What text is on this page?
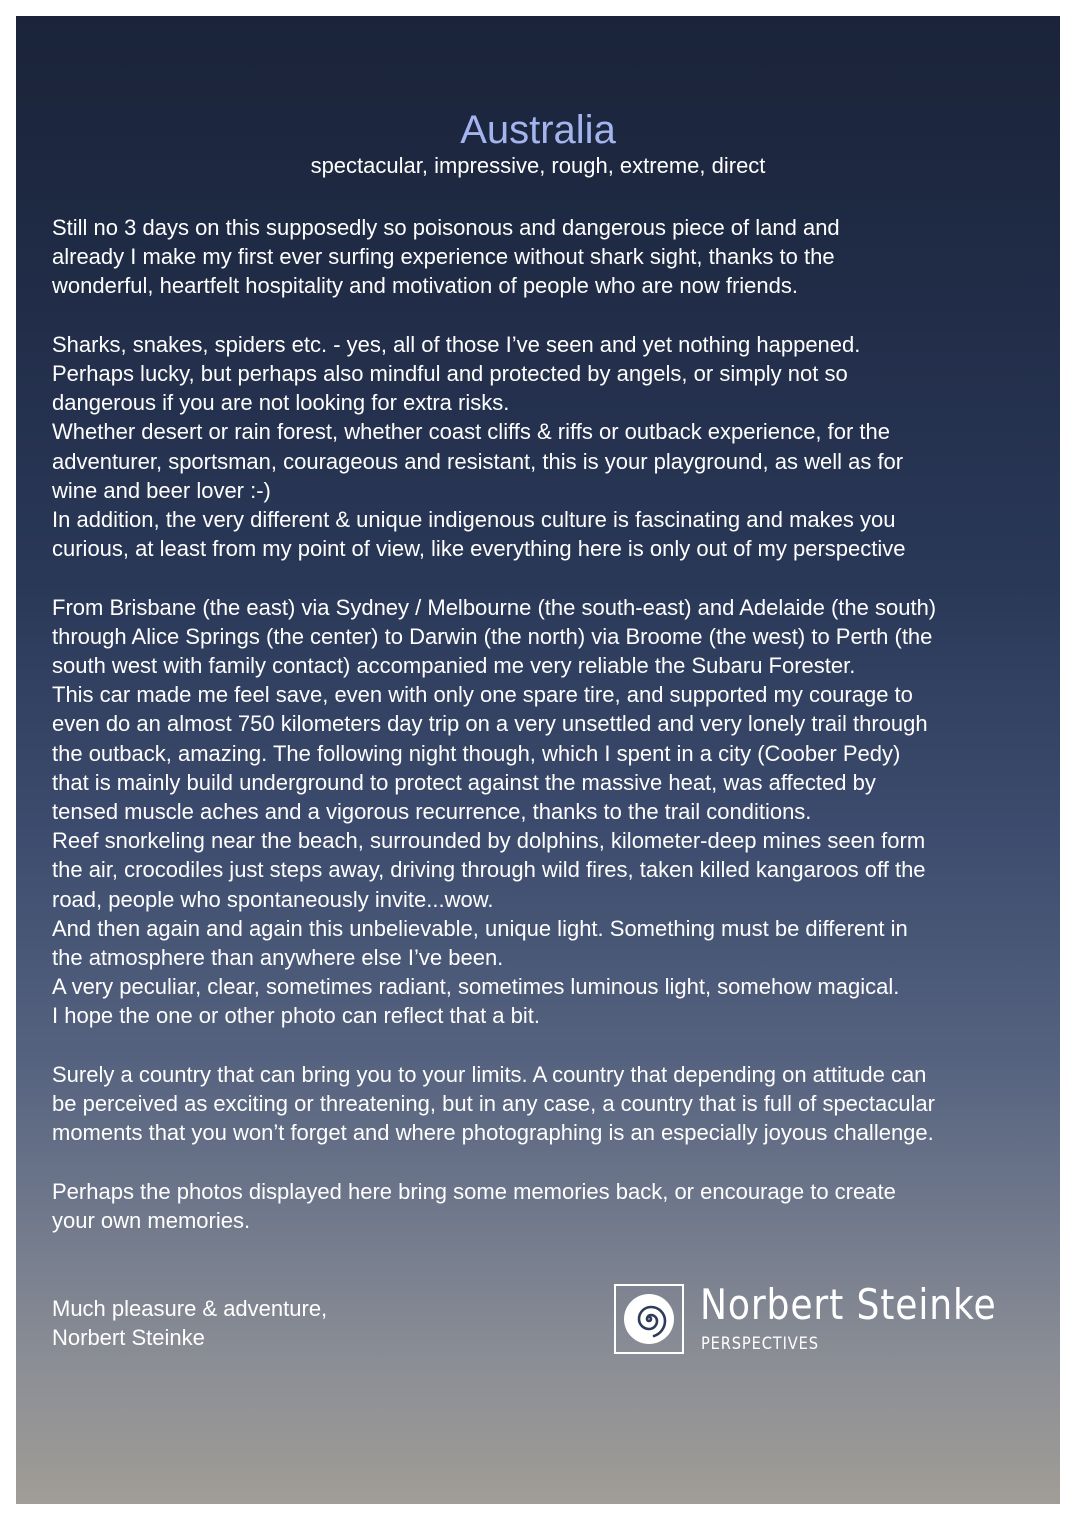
Australia
spectacular, impressive, rough, extreme, direct
Still no 3 days on this supposedly so poisonous and dangerous piece of land and
already I make my first ever surfing experience without shark sight, thanks to the
wonderful, heartfelt hospitality and motivation of people who are now friends.
Sharks, snakes, spiders etc. - yes, all of those I’ve seen and yet nothing happened.
Perhaps lucky, but perhaps also mindful and protected by angels, or simply not so
dangerous if you are not looking for extra risks.
Whether desert or rain forest, whether coast cliffs & riffs or outback experience, for the
adventurer, sportsman, courageous and resistant, this is your playground, as well as for
wine and beer lover :-)
In addition, the very different & unique indigenous culture is fascinating and makes you
curious, at least from my point of view, like everything here is only out of my perspective
From Brisbane (the east) via Sydney / Melbourne (the south-east) and Adelaide (the south)
through Alice Springs (the center) to Darwin (the north) via Broome (the west) to Perth (the
south west with family contact) accompanied me very reliable the Subaru Forester.
This car made me feel save, even with only one spare tire, and supported my courage to
even do an almost 750 kilometers day trip on a very unsettled and very lonely trail through
the outback, amazing. The following night though, which I spent in a city (Coober Pedy)
that is mainly build underground to protect against the massive heat, was affected by
tensed muscle aches and a vigorous recurrence, thanks to the trail conditions.
Reef snorkeling near the beach, surrounded by dolphins, kilometer-deep mines seen form
the air, crocodiles just steps away, driving through wild fires, taken killed kangaroos off the
road, people who spontaneously invite...wow.
And then again and again this unbelievable, unique light. Something must be different in
the atmosphere than anywhere else I’ve been.
A very peculiar, clear, sometimes radiant, sometimes luminous light, somehow magical.
I hope the one or other photo can reflect that a bit.
Surely a country that can bring you to your limits. A country that depending on attitude can
be perceived as exciting or threatening, but in any case, a country that is full of spectacular
moments that you won’t forget and where photographing is an especially joyous challenge.
Perhaps the photos displayed here bring some memories back, or encourage to create
your own memories.
Much pleasure & adventure,
Norbert Steinke
Norbert Steinke
PERSPECTIVES
